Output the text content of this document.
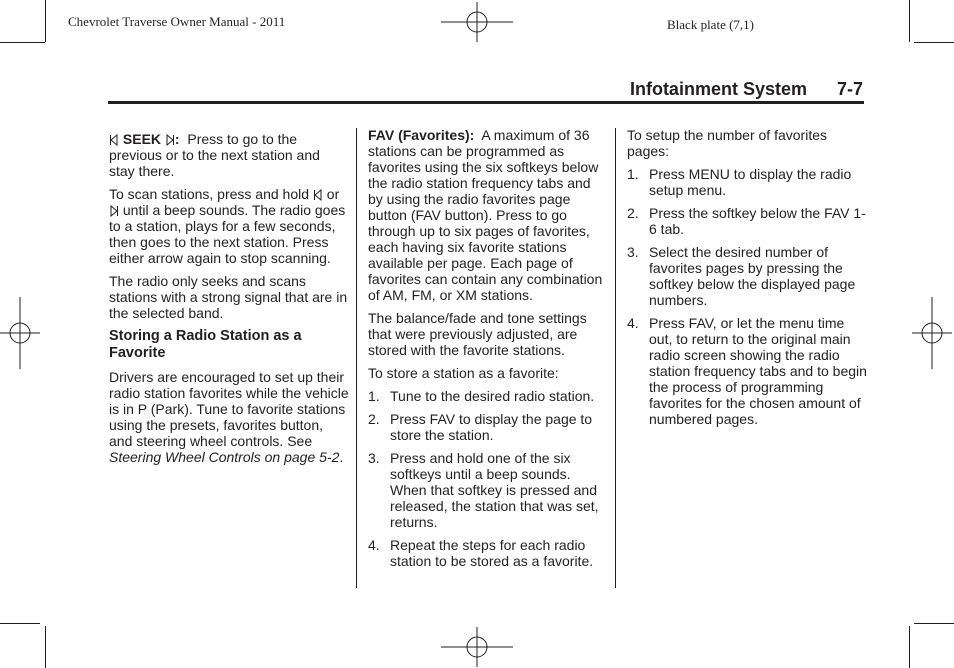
Chevrolet Traverse Owner Manual - 2011	Black plate (7,1)
Infotainment System 7-7

SEEK : Press to go to the previous or to the next station and stay there.

To scan stations, press and hold or  until a beep sounds. The radio goes to a station, plays for a few seconds, then goes to the next station. Press either arrow again to stop scanning.

The radio only seeks and scans stations with a strong signal that are in the selected band.

Storing a Radio Station as a Favorite

Drivers are encouraged to set up their radio station favorites while the vehicle is in P (Park). Tune to favorite stations using the presets, favorites button, and steering wheel controls. See Steering Wheel Controls on page 5-2.

FAV (Favorites): A maximum of 36 stations can be programmed as favorites using the six softkeys below the radio station frequency tabs and by using the radio favorites page button (FAV button). Press to go through up to six pages of favorites, each having six favorite stations available per page. Each page of favorites can contain any combination of AM, FM, or XM stations.

The balance/fade and tone settings that were previously adjusted, are stored with the favorite stations.

To store a station as a favorite:

1. Tune to the desired radio station.
2. Press FAV to display the page to store the station.
3. Press and hold one of the six softkeys until a beep sounds. When that softkey is pressed and released, the station that was set, returns.
4. Repeat the steps for each radio station to be stored as a favorite.

To setup the number of favorites pages:

1. Press MENU to display the radio setup menu.
2. Press the softkey below the FAV 1-6 tab.
3. Select the desired number of favorites pages by pressing the softkey below the displayed page numbers.
4. Press FAV, or let the menu time out, to return to the original main radio screen showing the radio station frequency tabs and to begin the process of programming favorites for the chosen amount of numbered pages.
